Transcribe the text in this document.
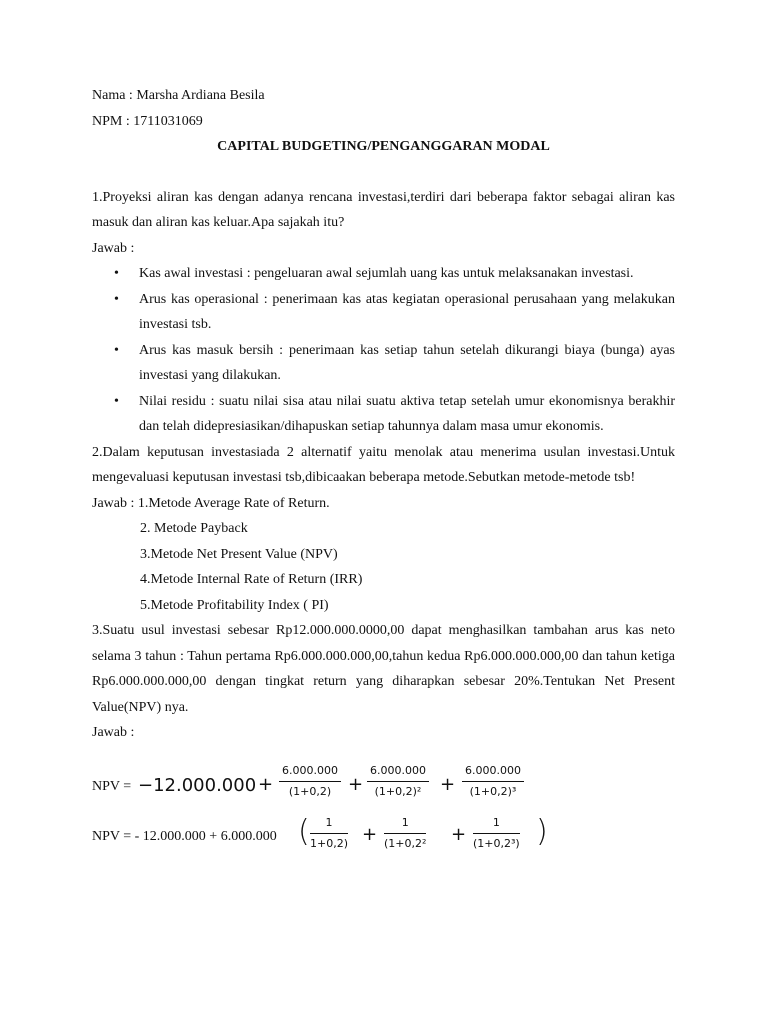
Nama : Marsha Ardiana Besila
NPM : 1711031069
CAPITAL BUDGETING/PENGANGGARAN MODAL
1.Proyeksi aliran kas dengan adanya rencana investasi,terdiri dari beberapa faktor sebagai aliran kas masuk dan aliran kas keluar.Apa sajakah itu?
Jawab :
• Kas awal investasi : pengeluaran awal sejumlah uang kas untuk melaksanakan investasi.
• Arus kas operasional : penerimaan kas atas kegiatan operasional perusahaan yang melakukan investasi tsb.
• Arus kas masuk bersih : penerimaan kas setiap tahun setelah dikurangi biaya (bunga) ayas investasi yang dilakukan.
• Nilai residu : suatu nilai sisa atau nilai suatu aktiva tetap setelah umur ekonomisnya berakhir dan telah didepresiasikan/dihapuskan setiap tahunnya dalam masa umur ekonomis.
2.Dalam keputusan investasiada 2 alternatif yaitu menolak atau menerima usulan investasi.Untuk mengevaluasi keputusan investasi tsb,dibicaakan beberapa metode.Sebutkan metode-metode tsb!
Jawab : 1.Metode Average Rate of Return.
2. Metode Payback
3.Metode Net Present Value (NPV)
4.Metode Internal Rate of Return (IRR)
5.Metode Profitability Index ( PI)
3.Suatu usul investasi sebesar Rp12.000.000.0000,00 dapat menghasilkan tambahan arus kas neto selama 3 tahun : Tahun pertama Rp6.000.000.000,00,tahun kedua Rp6.000.000.000,00 dan tahun ketiga Rp6.000.000.000,00 dengan tingkat return yang diharapkan sebesar 20%.Tentukan Net Present Value(NPV) nya.
Jawab :
NPV = $-12.000.000 + \frac{6.000.000}{(1+0,2)} + \frac{6.000.000}{\text{(1+0,2)²}} + \frac{6.000.000}{\text{(1+0,2)³}}$
NPV = - 12.000.000 + 6.000.000 ( $\frac{1}{1+0,2)} + \frac{1}{\text{(1+0,2²}} + \frac{1}{\text{(1+0,2³)}}$ )
